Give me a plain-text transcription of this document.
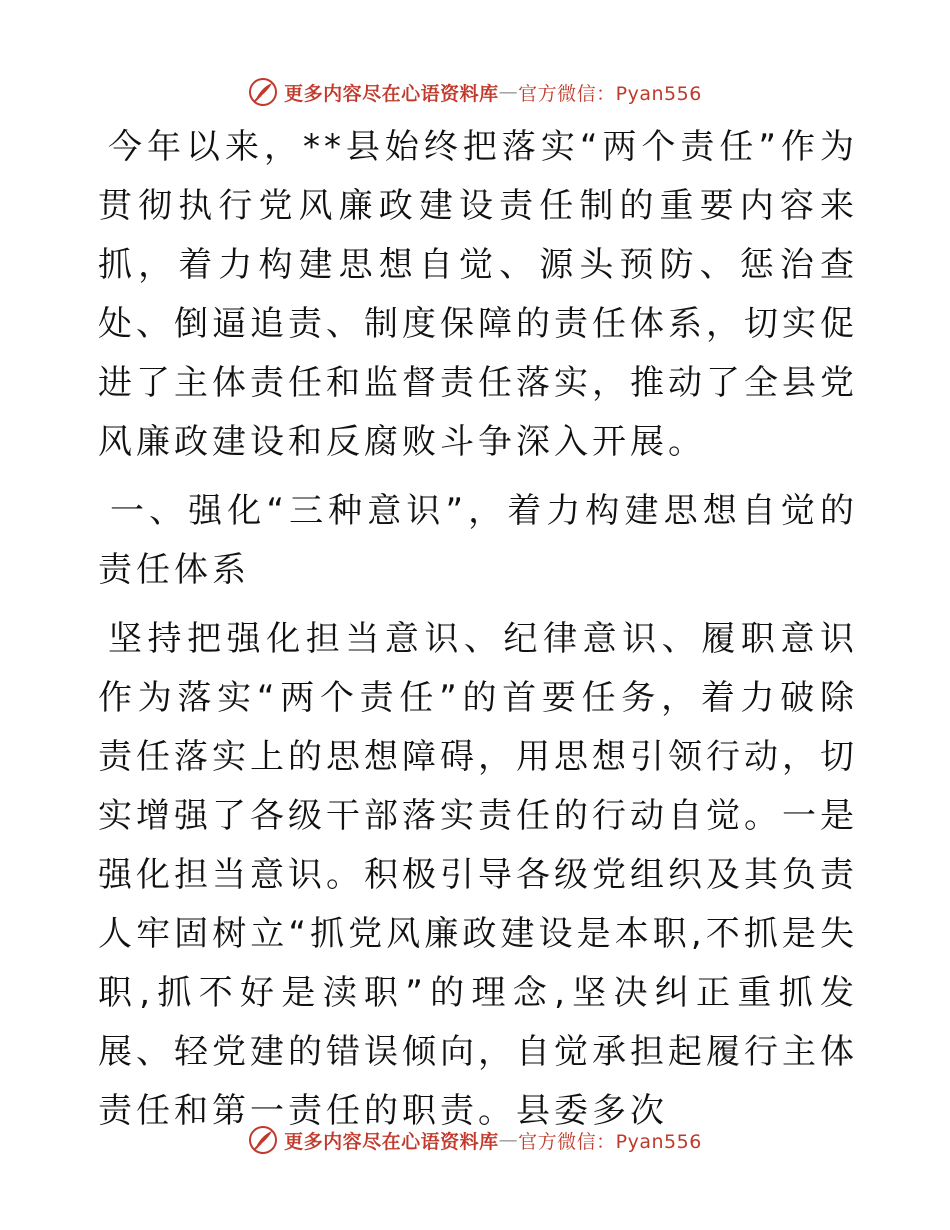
更多内容尽在心语资料库 — 官方微信：Pyan556

今年以来，**县始终把落实“两个责任”作为贯彻执行党风廉政建设责任制的重要内容来抓，着力构建思想自觉、源头预防、惩治查处、倒逼追责、制度保障的责任体系，切实促进了主体责任和监督责任落实，推动了全县党风廉政建设和反腐败斗争深入开展。

一、强化“三种意识”，着力构建思想自觉的责任体系

坚持把强化担当意识、纪律意识、履职意识作为落实“两个责任”的首要任务，着力破除责任落实上的思想障碍，用思想引领行动，切实增强了各级干部落实责任的行动自觉。一是强化担当意识。积极引导各级党组织及其负责人牢固树立“抓党风廉政建设是本职,不抓是失职,抓不好是渎职”的理念,坚决纠正重抓发展、轻党建的错误倾向，自觉承担起履行主体责任和第一责任的职责。县委多次

更多内容尽在心语资料库 — 官方微信：Pyan556
